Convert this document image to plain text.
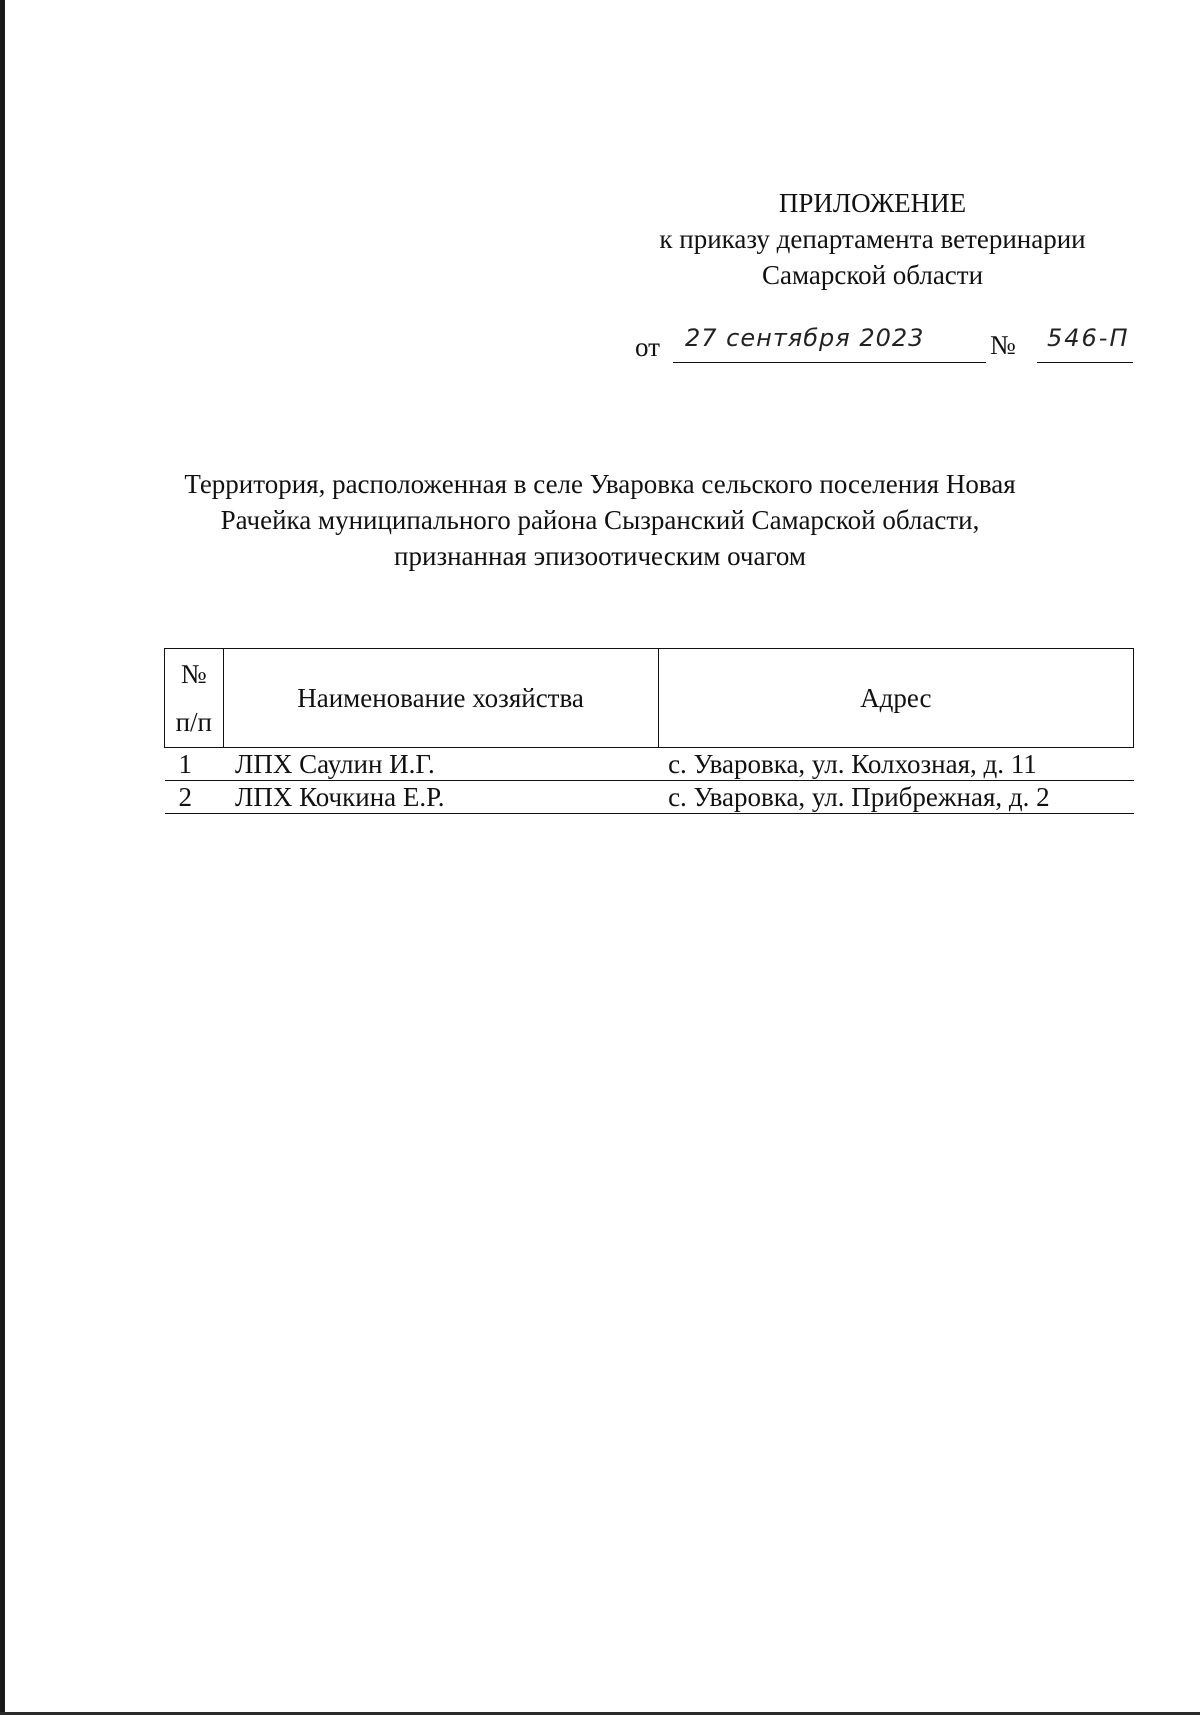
ПРИЛОЖЕНИЕ
к приказу департамента ветеринарии
Самарской области
от 27 сентября 2023 № 546-П
Территория, расположенная в селе Уваровка сельского поселения Новая
Рачейка муниципального района Сызранский Самарской области,
признанная эпизоотическим очагом
№
п/п	Наименование хозяйства	Адрес
1	ЛПХ Саулин И.Г.	с. Уваровка, ул. Колхозная, д. 11
2	ЛПХ Кочкина Е.Р.	с. Уваровка, ул. Прибрежная, д. 2
